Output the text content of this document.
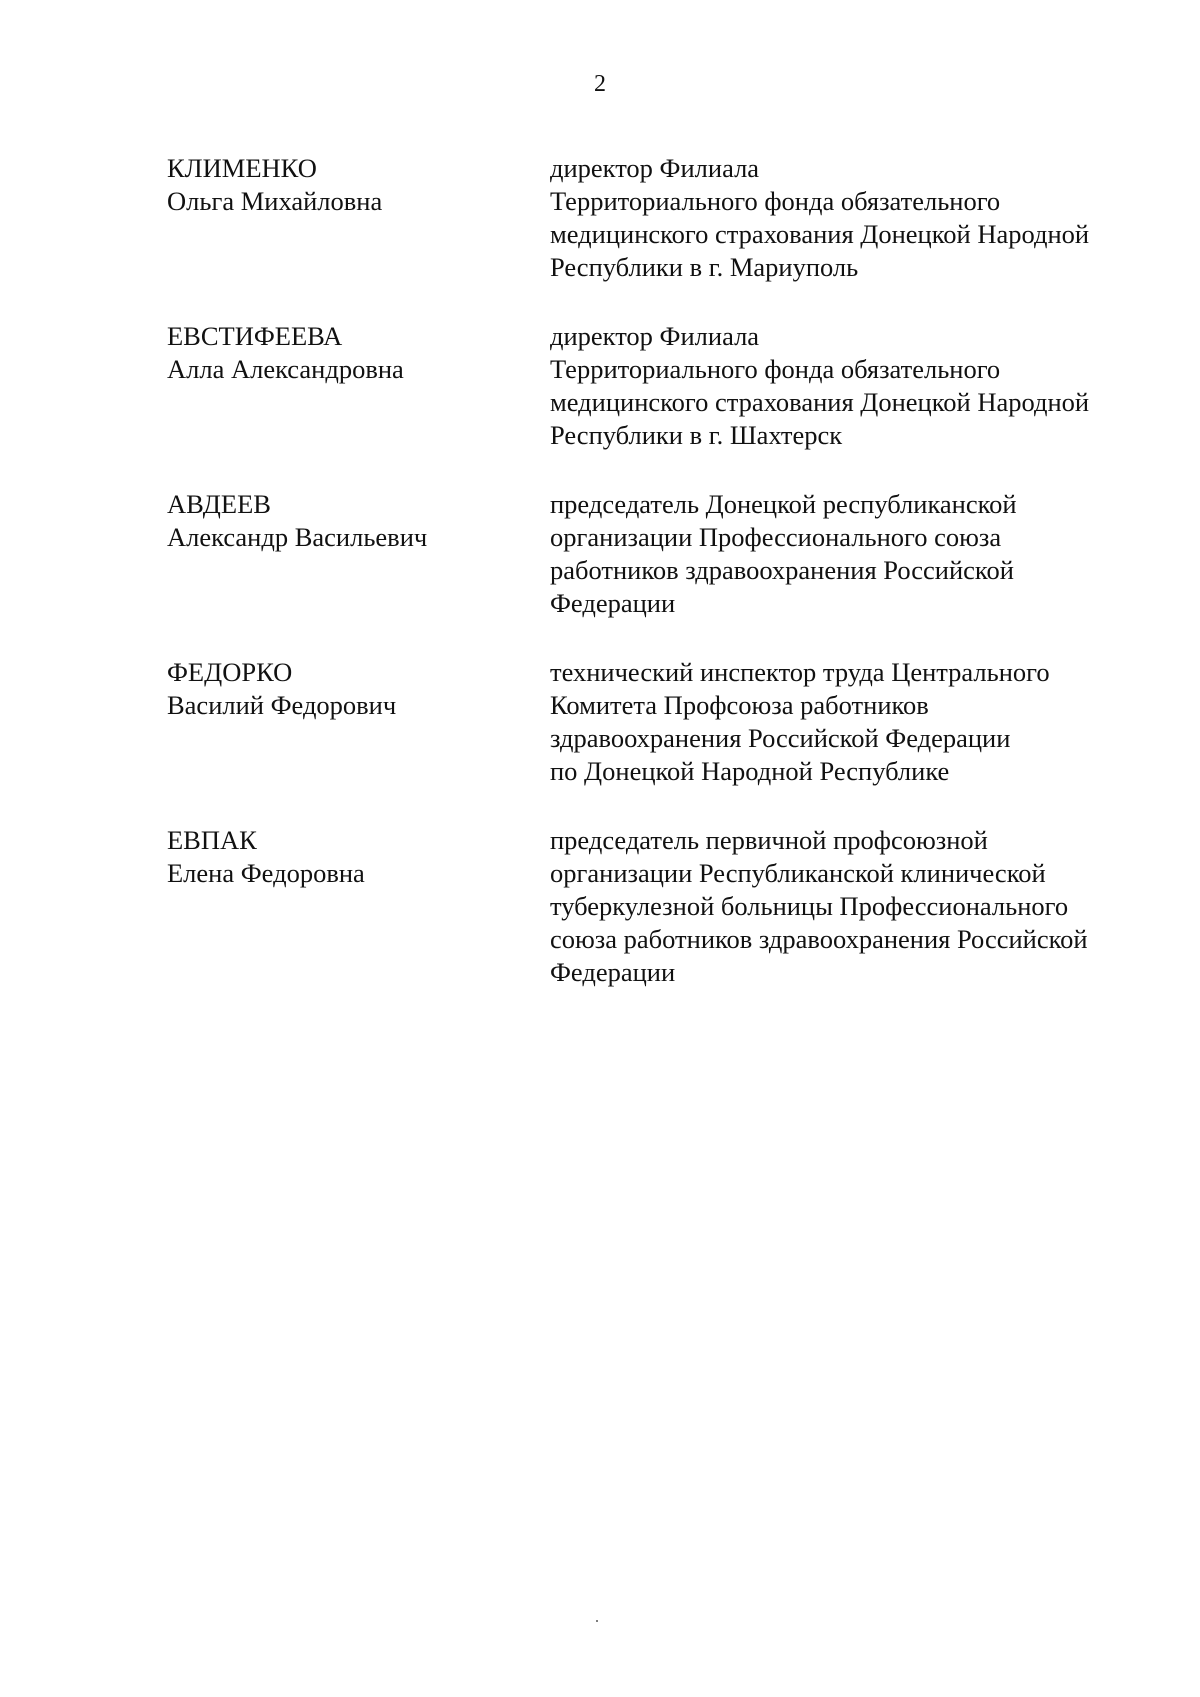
2
КЛИМЕНКО
Ольга Михайловна
директор Филиала
Территориального фонда обязательного
медицинского страхования Донецкой Народной
Республики в г. Мариуполь
ЕВСТИФЕЕВА
Алла Александровна
директор Филиала
Территориального фонда обязательного
медицинского страхования Донецкой Народной
Республики в г. Шахтерск
АВДЕЕВ
Александр Васильевич
председатель Донецкой республиканской
организации Профессионального союза
работников здравоохранения Российской
Федерации
ФЕДОРКО
Василий Федорович
технический инспектор труда Центрального
Комитета Профсоюза работников
здравоохранения Российской Федерации
по Донецкой Народной Республике
ЕВПАК
Елена Федоровна
председатель первичной профсоюзной
организации Республиканской клинической
туберкулезной больницы Профессионального
союза работников здравоохранения Российской
Федерации
